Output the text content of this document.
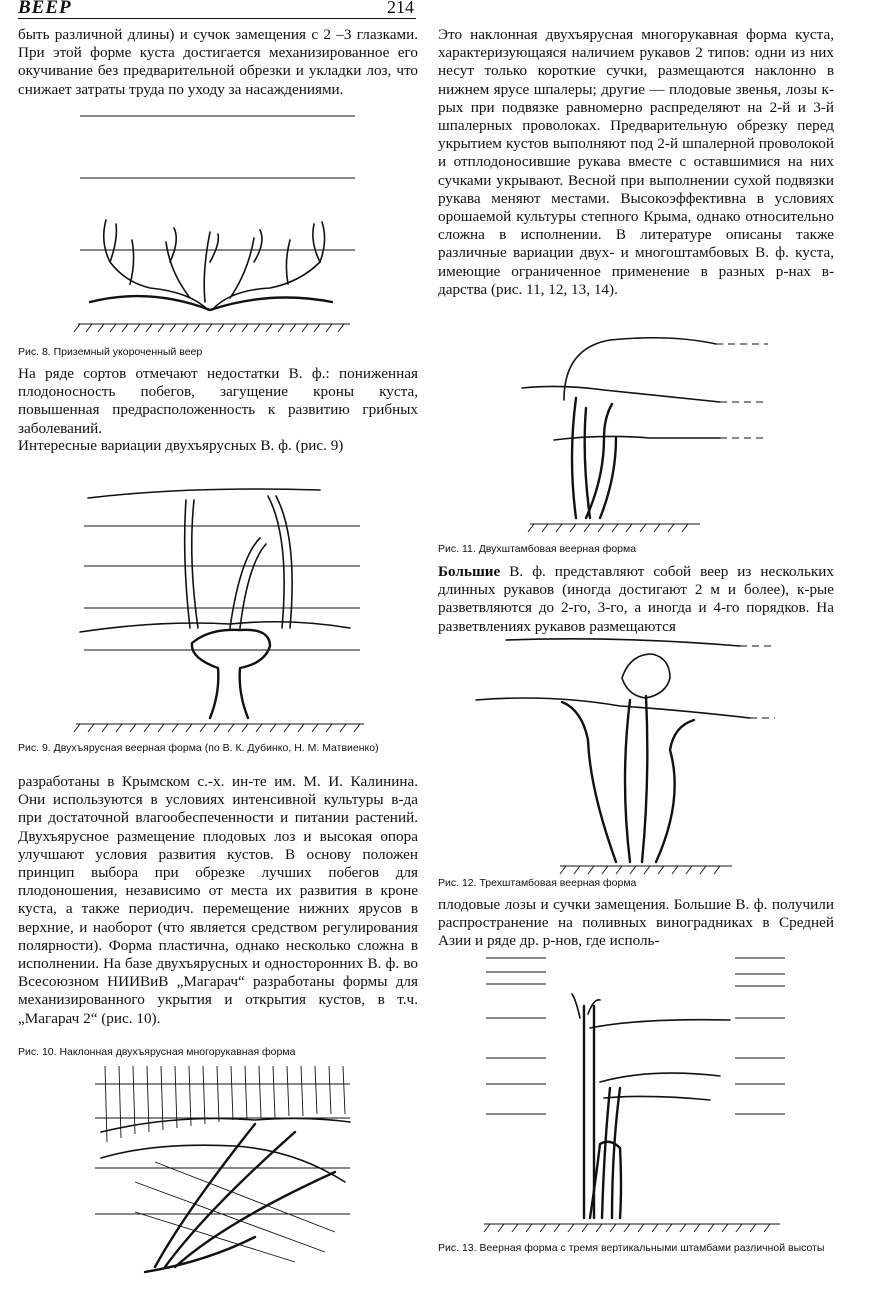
ВЕЕР	214

быть различной длины) и сучок замещения с 2 –3 глазками. При этой форме куста достигается механизированное его окучивание без предварительной обрезки и укладки лоз, что снижает затраты труда по уходу за насаждениями.

Рис. 8. Приземный укороченный веер

На ряде сортов отмечают недостатки В. ф.: пониженная плодоносность побегов, загущение кроны куста, повышенная предрасположенность к развитию грибных заболеваний.

Интересные вариации двухъярусных В. ф. (рис. 9)

Рис. 9. Двухъярусная веерная форма (по В. К. Дубинко, Н. М. Матвиенко)

разработаны в Крымском с.-х. ин-те им. М. И. Калинина. Они используются в условиях интенсивной культуры в-да при достаточной влагообеспеченности и питании растений. Двухъярусное размещение плодовых лоз и высокая опора улучшают условия развития кустов. В основу положен принцип выбора при обрезке лучших побегов для плодоношения, независимо от места их развития в кроне куста, а также периодич. перемещение нижних ярусов в верхние, и наоборот (что является средством регулирования полярности). Форма пластична, однако несколько сложна в исполнении. На базе двухъярусных и односторонних В. ф. во Всесоюзном НИИВиВ „Магарач“ разработаны формы для механизированного укрытия и открытия кустов, в т.ч. „Магарач 2“ (рис. 10).

Рис. 10. Наклонная двухъярусная многорукавная форма

Это наклонная двухъярусная многорукавная форма куста, характеризующаяся наличием рукавов 2 типов: одни из них несут только короткие сучки, размещаются наклонно в нижнем ярусе шпалеры; другие — плодовые звенья, лозы к-рых при подвязке равномерно распределяют на 2-й и 3-й шпалерных проволоках. Предварительную обрезку перед укрытием кустов выполняют под 2-й шпалерной проволокой и отплодоносившие рукава вместе с оставшимися на них сучками укрывают. Весной при выполнении сухой подвязки рукава меняют местами. Высокоэффективна в условиях орошаемой культуры степного Крыма, однако относительно сложна в исполнении. В литературе описаны также различные вариации двух- и многоштамбовых В. ф. куста, имеющие ограниченное применение в разных р-нах в-дарства (рис. 11, 12, 13, 14).

Рис. 11. Двухштамбовая веерная форма

Большие В. ф. представляют собой веер из нескольких длинных рукавов (иногда достигают 2 м и более), к-рые разветвляются до 2-го, 3-го, а иногда и 4-го порядков. На разветвлениях рукавов размещаются

Рис. 12. Трехштамбовая веерная форма

плодовые лозы и сучки замещения. Большие В. ф. получили распространение на поливных виноградниках в Средней Азии и ряде др. р-нов, где исполь-

Рис. 13. Веерная форма с тремя вертикальными штамбами различной высоты
